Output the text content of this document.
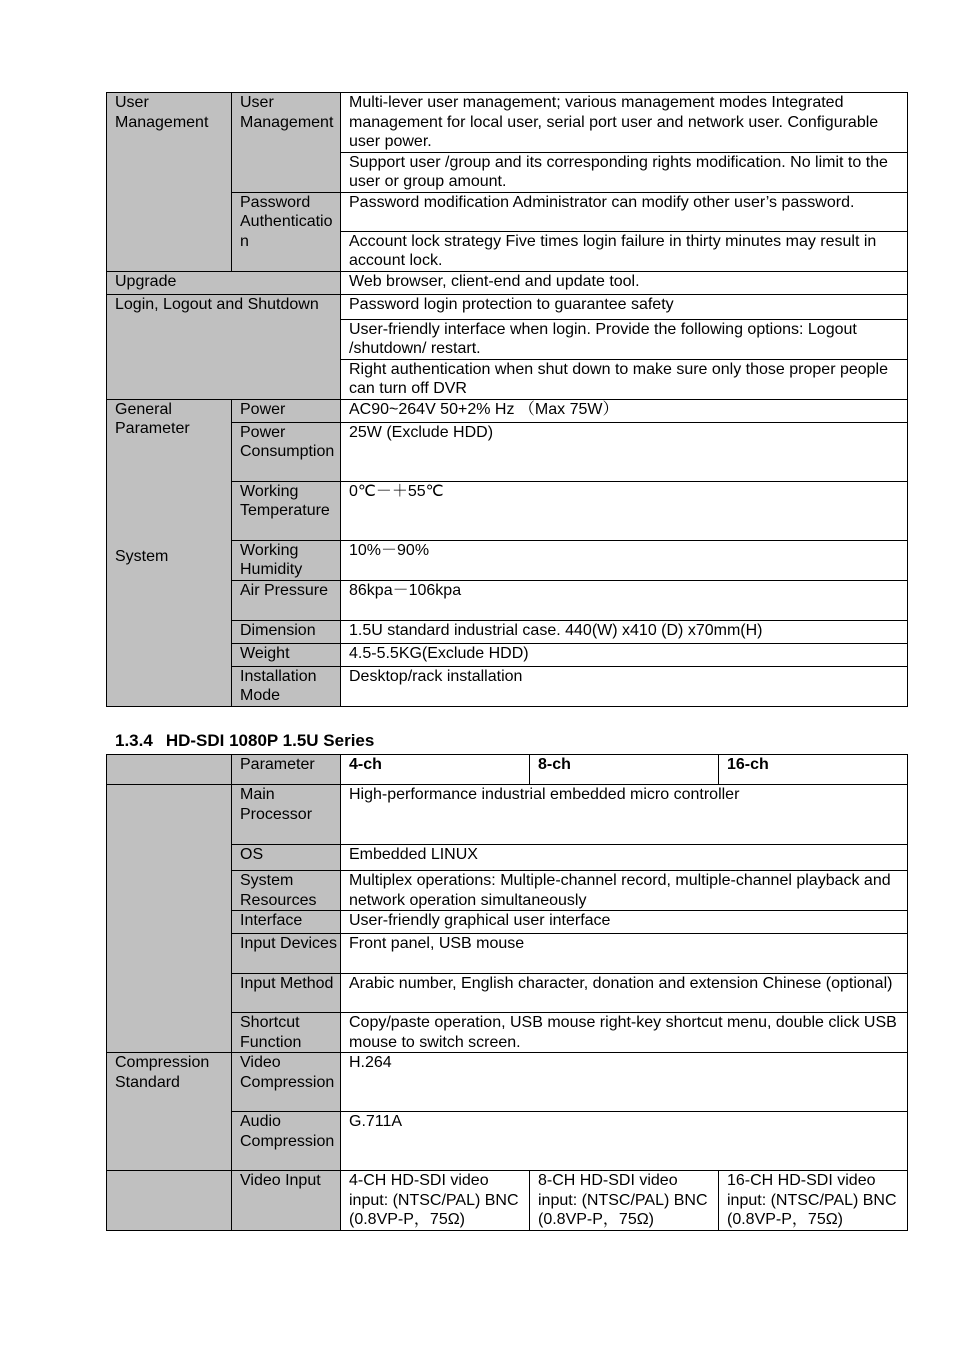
User Management	User Management	Multi-lever user management; various management modes Integrated management for local user, serial port user and network user. Configurable user power.
		Support user /group and its corresponding rights modification. No limit to the user or group amount.
	Password Authentication	Password modification Administrator can modify other user’s password.
		Account lock strategy Five times login failure in thirty minutes may result in account lock.
Upgrade		Web browser, client-end and update tool.
Login, Logout and Shutdown		Password login protection to guarantee safety
		User-friendly interface when login. Provide the following options: Logout /shutdown/ restart.
		Right authentication when shut down to make sure only those proper people can turn off DVR
General Parameter	Power	AC90~264V 50+2% Hz （Max 75W）
	Power Consumption	25W (Exclude HDD)
	Working Temperature	0℃－＋55℃
	Working Humidity	10%－90%
	Air Pressure	86kpa－106kpa
	Dimension	1.5U standard industrial case. 440(W) x410 (D) x70mm(H)
	Weight	4.5-5.5KG(Exclude HDD)
	Installation Mode	Desktop/rack installation
1.3.4 HD-SDI 1080P 1.5U Series
	Parameter	4-ch	8-ch	16-ch

System	Main Processor	High-performance industrial embedded micro controller		
	OS	Embedded LINUX		
	System Resources	Multiplex operations: Multiple-channel record, multiple-channel playback and network operation simultaneously		
	Interface	User-friendly graphical user interface		
	Input Devices	Front panel, USB mouse		
	Input Method	Arabic number, English character, donation and extension Chinese (optional)		
	Shortcut Function	Copy/paste operation, USB mouse right-key shortcut menu, double click USB mouse to switch screen.		
Compression Standard	Video Compression	H.264		
	Audio Compression	G.711A		
	Video Input	4-CH HD-SDI video input: (NTSC/PAL) BNC (0.8VP-P，75Ω)	8-CH HD-SDI video input: (NTSC/PAL) BNC (0.8VP-P，75Ω)	16-CH HD-SDI video input: (NTSC/PAL) BNC (0.8VP-P，75Ω)
